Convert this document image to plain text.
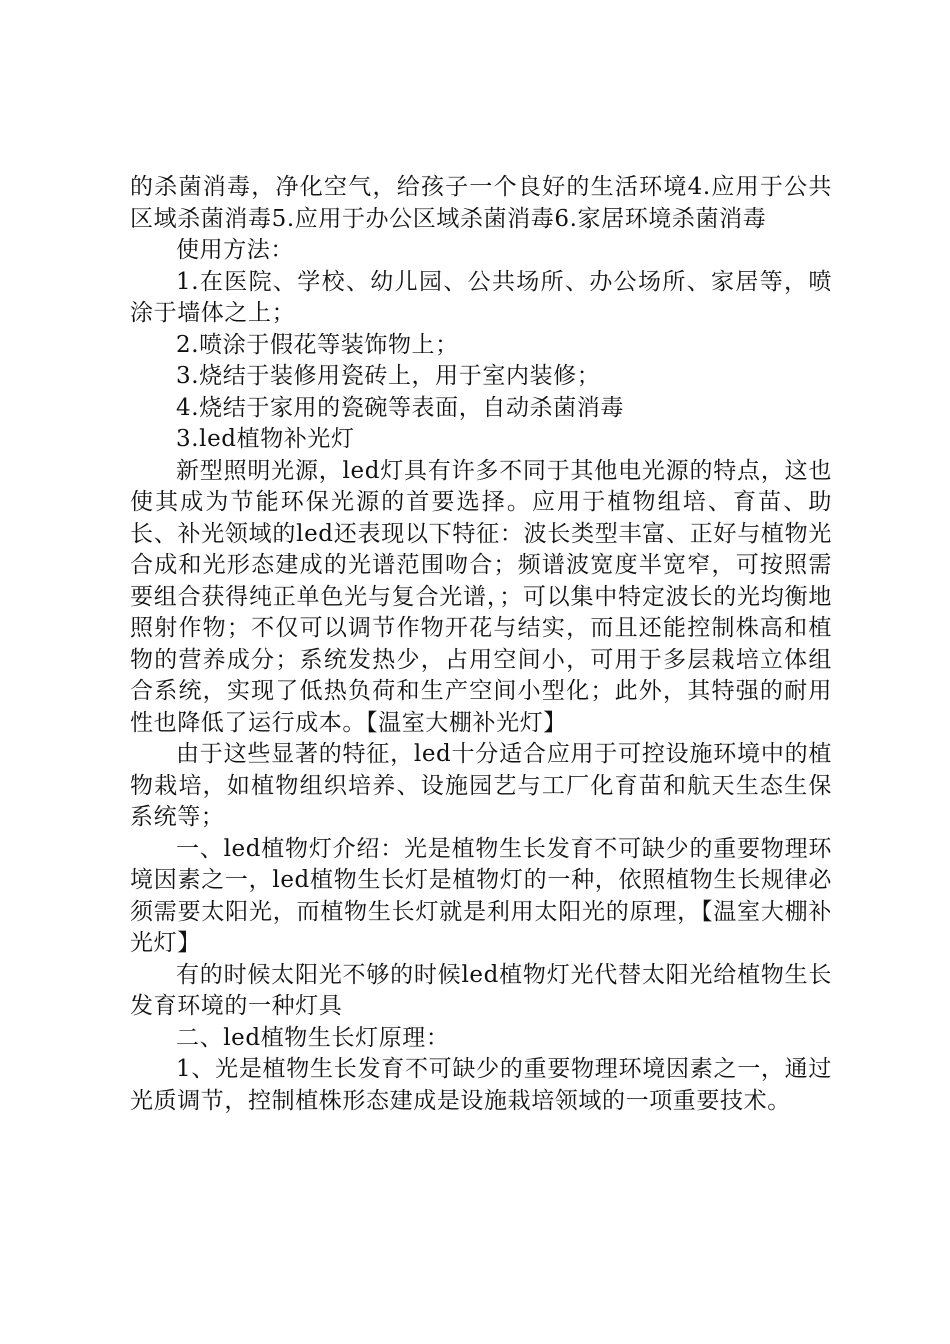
的杀菌消毒，净化空气，给孩子一个良好的生活环境4.应用于公共区域杀菌消毒5.应用于办公区域杀菌消毒6.家居环境杀菌消毒

使用方法：

1.在医院、学校、幼儿园、公共场所、办公场所、家居等，喷涂于墙体之上；

2.喷涂于假花等装饰物上；

3.烧结于装修用瓷砖上，用于室内装修；

4.烧结于家用的瓷碗等表面，自动杀菌消毒

3.led植物补光灯

新型照明光源，led灯具有许多不同于其他电光源的特点，这也使其成为节能环保光源的首要选择。应用于植物组培、育苗、助长、补光领域的led还表现以下特征：波长类型丰富、正好与植物光合成和光形态建成的光谱范围吻合；频谱波宽度半宽窄，可按照需要组合获得纯正单色光与复合光谱，；可以集中特定波长的光均衡地照射作物；不仅可以调节作物开花与结实，而且还能控制株高和植物的营养成分；系统发热少，占用空间小，可用于多层栽培立体组合系统，实现了低热负荷和生产空间小型化；此外，其特强的耐用性也降低了运行成本。【温室大棚补光灯】

由于这些显著的特征，led十分适合应用于可控设施环境中的植物栽培，如植物组织培养、设施园艺与工厂化育苗和航天生态生保系统等；

一、led植物灯介绍：光是植物生长发育不可缺少的重要物理环境因素之一，led植物生长灯是植物灯的一种，依照植物生长规律必须需要太阳光，而植物生长灯就是利用太阳光的原理，【温室大棚补光灯】

有的时候太阳光不够的时候led植物灯光代替太阳光给植物生长发育环境的一种灯具

二、led植物生长灯原理：

1、光是植物生长发育不可缺少的重要物理环境因素之一，通过光质调节，控制植株形态建成是设施栽培领域的一项重要技术。
